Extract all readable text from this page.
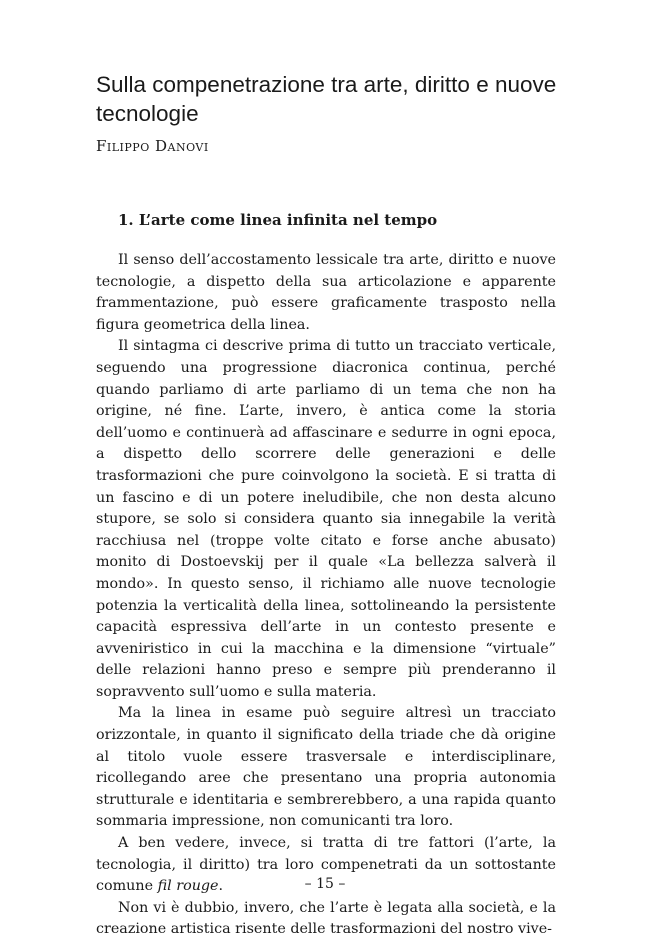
Sulla compenetrazione tra arte, diritto e nuove tecnologie
Filippo Danovi
1. L’arte come linea infinita nel tempo

Il senso dell’accostamento lessicale tra arte, diritto e nuove tecnologie, a dispetto della sua articolazione e apparente frammentazione, può essere graficamente trasposto nella figura geometrica della linea.

Il sintagma ci descrive prima di tutto un tracciato verticale, seguendo una progressione diacronica continua, perché quando parliamo di arte parliamo di un tema che non ha origine, né fine. L’arte, invero, è antica come la storia dell’uomo e continuerà ad affascinare e sedurre in ogni epoca, a dispetto dello scorrere delle generazioni e delle trasformazioni che pure coinvolgono la società. E si tratta di un fascino e di un potere ineludibile, che non desta alcuno stupore, se solo si considera quanto sia innegabile la verità racchiusa nel (troppe volte citato e forse anche abusato) monito di Dostoevskij per il quale «La bellezza salverà il mondo». In questo senso, il richiamo alle nuove tecnologie potenzia la verticalità della linea, sottolineando la persistente capacità espressiva dell’arte in un contesto presente e avveniristico in cui la macchina e la dimensione “virtuale” delle relazioni hanno preso e sempre più prenderanno il sopravvento sull’uomo e sulla materia.

Ma la linea in esame può seguire altresì un tracciato orizzontale, in quanto il significato della triade che dà origine al titolo vuole essere trasversale e interdisciplinare, ricollegando aree che presentano una propria autonomia strutturale e identitaria e sembrerebbero, a una rapida quanto sommaria impressione, non comunicanti tra loro.

A ben vedere, invece, si tratta di tre fattori (l’arte, la tecnologia, il diritto) tra loro compenetrati da un sottostante comune fil rouge.

Non vi è dubbio, invero, che l’arte è legata alla società, e la creazione artistica risente delle trasformazioni del nostro vive-

– 15 –
